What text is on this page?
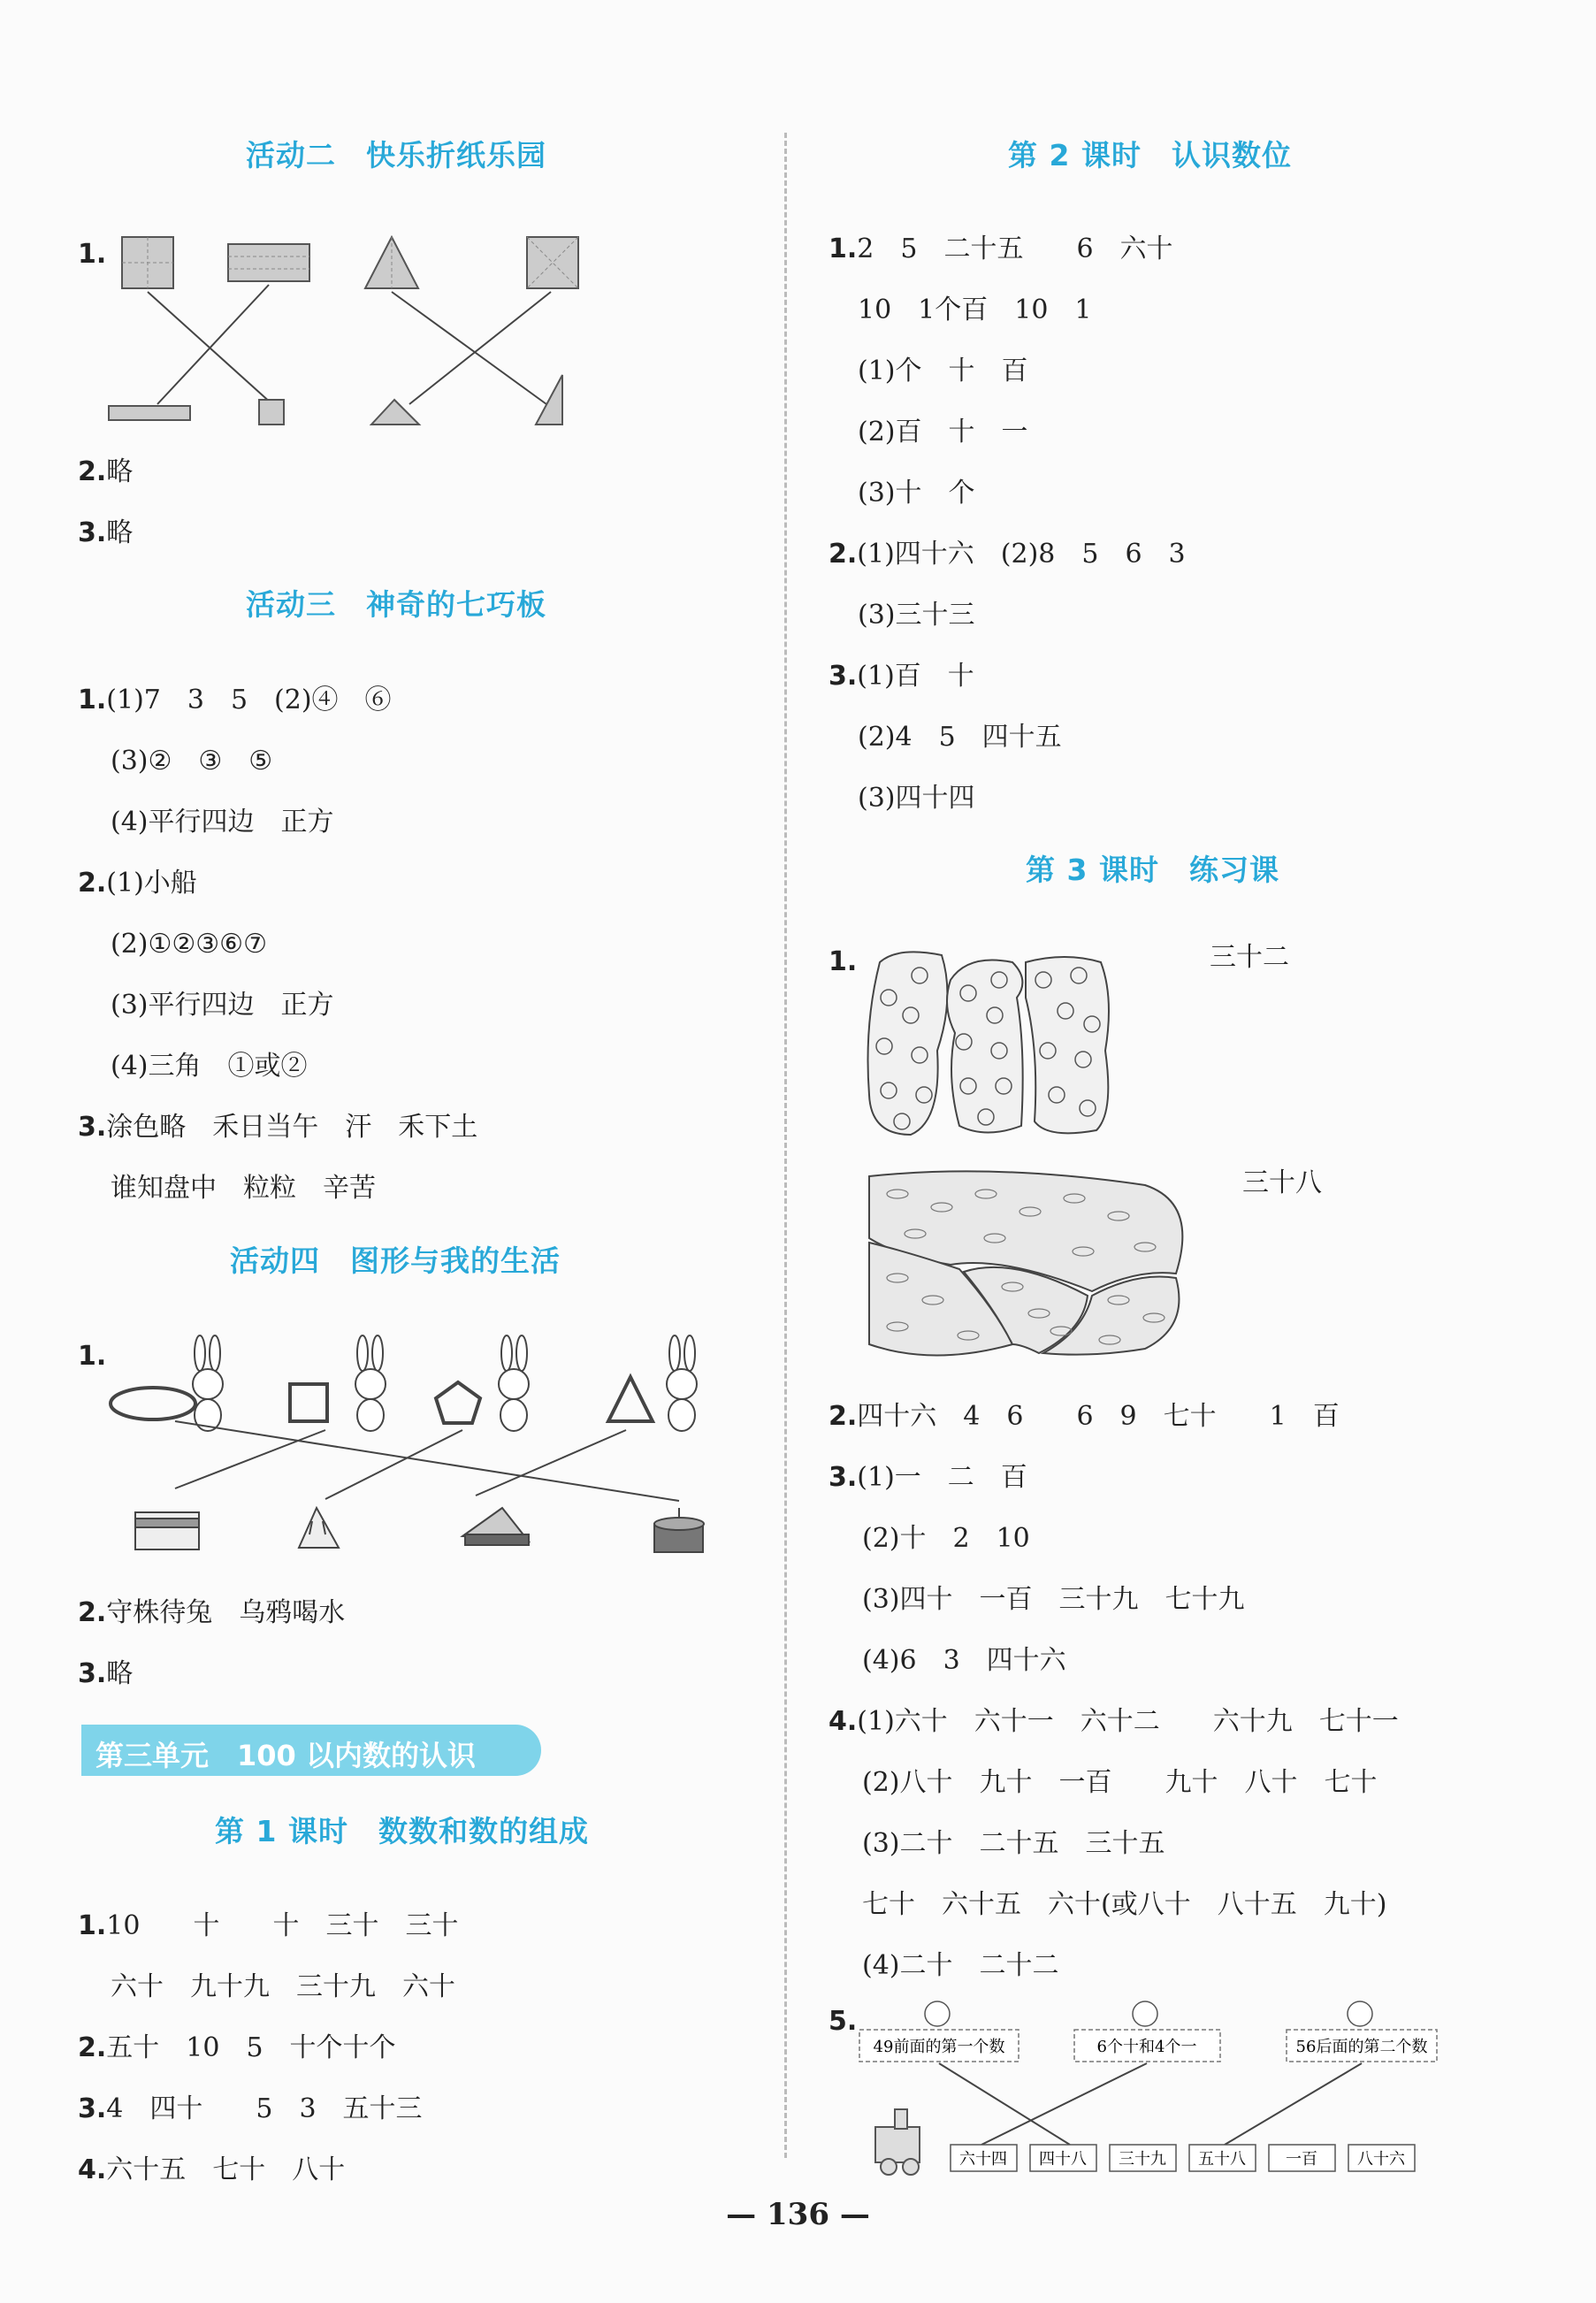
活动二　快乐折纸乐园
1.
2.略
3.略
活动三　神奇的七巧板
1.(1)7　3　5　(2)④　⑥
(3)②　③　⑤
(4)平行四边　正方
2.(1)小船
(2)①②③⑥⑦
(3)平行四边　正方
(4)三角　①或②
3.涂色略　禾日当午　汗　禾下土
谁知盘中　粒粒　辛苦
活动四　图形与我的生活
1.
2.守株待兔　乌鸦喝水
3.略
第三单元　100 以内数的认识
第 1 课时　数数和数的组成
1.10　　十　　十　三十　三十
六十　九十九　三十九　六十
2.五十　10　5　十个十个
3.4　四十　　5　3　五十三
4.六十五　七十　八十
第 2 课时　认识数位
1.2　5　二十五　　6　六十
10　1个百　10　1
(1)个　十　百
(2)百　十　一
(3)十　个
2.(1)四十六　(2)8　5　6　3
(3)三十三
3.(1)百　十
(2)4　5　四十五
(3)四十四
第 3 课时　练习课
1.	三十二
三十八
2.四十六　4　6　　6　9　七十　　1　百
3.(1)一　二　百
(2)十　2　10
(3)四十　一百　三十九　七十九
(4)6　3　四十六
4.(1)六十　六十一　六十二　　六十九　七十一
(2)八十　九十　一百　　九十　八十　七十
(3)二十　二十五　三十五
七十　六十五　六十(或八十　八十五　九十)
(4)二十　二十二
5.
49前面的第一个数	6个十和4个一	56后面的第二个数
六十四 四十八 三十九 五十八	一百	八十六
— 136 —
